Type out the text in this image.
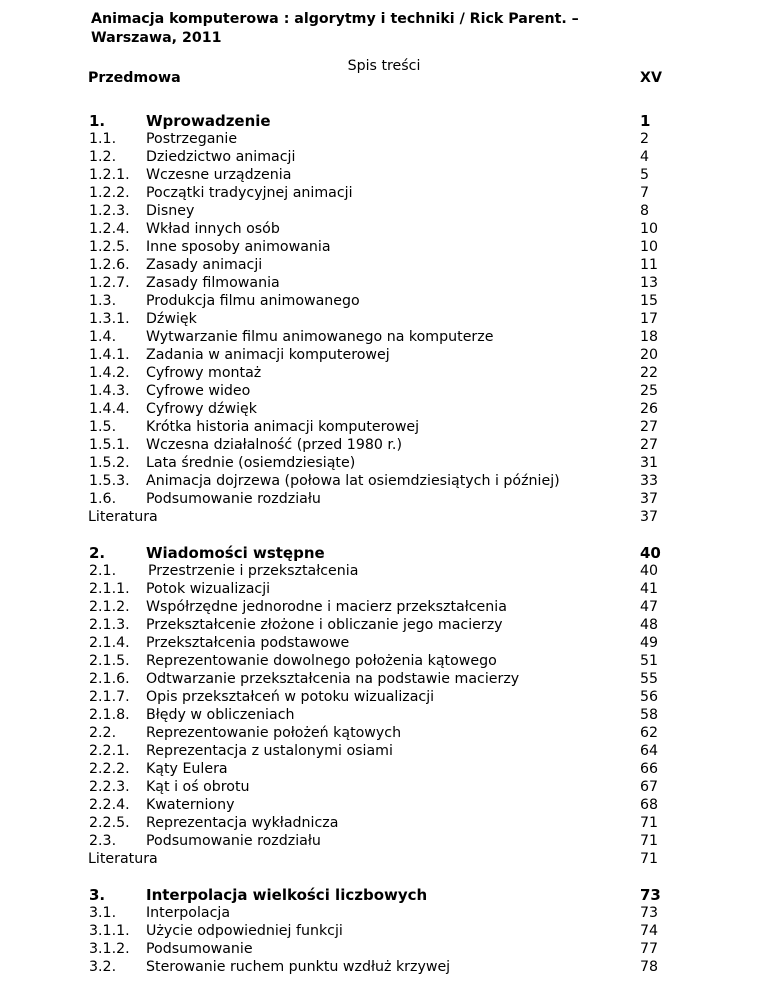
Animacja komputerowa : algorytmy i techniki / Rick Parent. –
Warszawa, 2011
Spis treści
Przedmowa	XV
1.	Wprowadzenie	1
1.1. Postrzeganie	2
1.2. Dziedzictwo animacji	4
1.2.1. Wczesne urządzenia	5
1.2.2. Początki tradycyjnej animacji	7
1.2.3. Disney	8
1.2.4. Wkład innych osób	10
1.2.5. Inne sposoby animowania	10
1.2.6. Zasady animacji	11
1.2.7. Zasady filmowania	13
1.3. Produkcja filmu animowanego	15
1.3.1. Dźwięk	17
1.4. Wytwarzanie filmu animowanego na komputerze	18
1.4.1. Zadania w animacji komputerowej	20
1.4.2. Cyfrowy montaż	22
1.4.3. Cyfrowe wideo	25
1.4.4. Cyfrowy dźwięk	26
1.5. Krótka historia animacji komputerowej	27
1.5.1. Wczesna działalność (przed 1980 r.)	27
1.5.2. Lata średnie (osiemdziesiąte)	31
1.5.3. Animacja dojrzewa (połowa lat osiemdziesiątych i później)	33
1.6. Podsumowanie rozdziału	37
Literatura	37
2.	Wiadomości wstępne	40
2.1. Przestrzenie i przekształcenia	40
2.1.1. Potok wizualizacji	41
2.1.2. Współrzędne jednorodne i macierz przekształcenia	47
2.1.3. Przekształcenie złożone i obliczanie jego macierzy	48
2.1.4. Przekształcenia podstawowe	49
2.1.5. Reprezentowanie dowolnego położenia kątowego	51
2.1.6. Odtwarzanie przekształcenia na podstawie macierzy	55
2.1.7. Opis przekształceń w potoku wizualizacji	56
2.1.8. Błędy w obliczeniach	58
2.2. Reprezentowanie położeń kątowych	62
2.2.1. Reprezentacja z ustalonymi osiami	64
2.2.2. Kąty Eulera	66
2.2.3. Kąt i oś obrotu	67
2.2.4. Kwaterniony	68
2.2.5. Reprezentacja wykładnicza	71
2.3. Podsumowanie rozdziału	71
Literatura	71
3.	Interpolacja wielkości liczbowych	73
3.1. Interpolacja	73
3.1.1. Użycie odpowiedniej funkcji	74
3.1.2. Podsumowanie	77
3.2. Sterowanie ruchem punktu wzdłuż krzywej	78
